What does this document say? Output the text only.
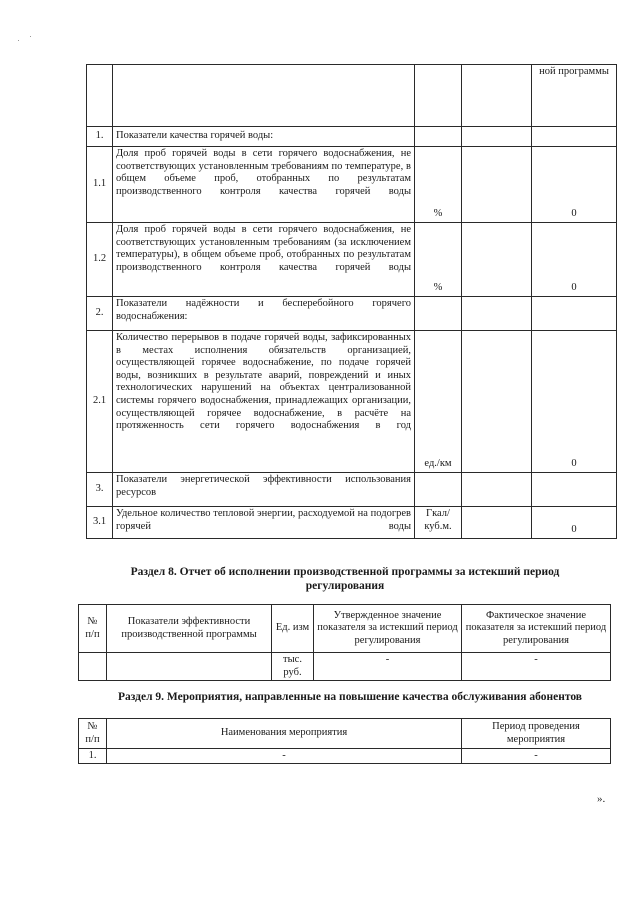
				ной программы
1.	Показатели качества горячей воды:			
1.1	Доля проб горячей воды в сети горячего водоснабжения, не соответствующих установленным требованиям по температуре, в общем объеме проб, отобранных по результатам производственного контроля качества горячей воды	%		0
1.2	Доля проб горячей воды в сети горячего водоснабжения, не соответствующих установленным требованиям (за исключением температуры), в общем объеме проб, отобранных по результатам производственного контроля качества горячей воды	%		0
2.	Показатели надёжности и бесперебойного горячего водоснабжения:			
2.1	Количество перерывов в подаче горячей воды, зафиксированных в местах исполнения обязательств организацией, осуществляющей горячее водоснабжение, по подаче горячей воды, возникших в результате аварий, повреждений и иных технологических нарушений на объектах централизованной системы горячего водоснабжения, принадлежащих организации, осуществляющей горячее водоснабжение, в расчёте на протяженность сети горячего водоснабжения в год	ед./км		0
3.	Показатели энергетической эффективности использования ресурсов			
3.1	Удельное количество тепловой энергии, расходуемой на подогрев горячей воды	Гкал/ куб.м.		0
Раздел 8. Отчет об исполнении производственной программы за истекший период регулирования
№ п/п	Показатели эффективности производственной программы	Ед. изм	Утвержденное значение показателя за истекший период регулирования	Фактическое значение показателя за истекший период регулирования
		тыс. руб.	-	-
Раздел 9. Мероприятия, направленные на повышение качества обслуживания абонентов
№ п/п	Наименования мероприятия	Период проведения мероприятия
1.	-	-
».
